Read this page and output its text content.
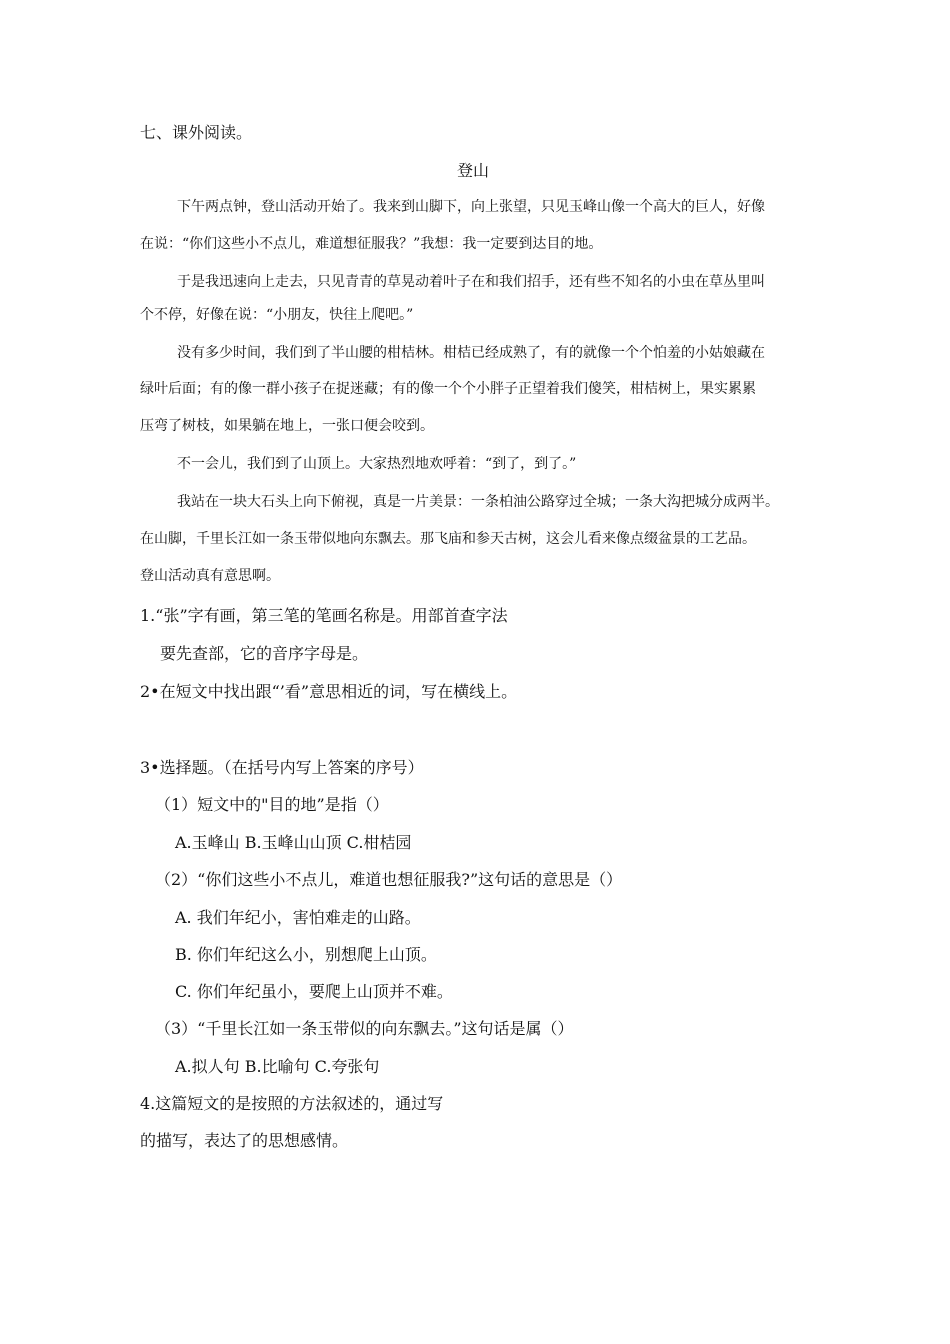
七、课外阅读。
登山
下午两点钟，登山活动开始了。我来到山脚下，向上张望，只见玉峰山像一个高大的巨人，好像
在说：“你们这些小不点儿，难道想征服我？”我想：我一定要到达目的地。
于是我迅速向上走去，只见青青的草晃动着叶子在和我们招手，还有些不知名的小虫在草丛里叫
个不停，好像在说：“小朋友，快往上爬吧。”
没有多少时间，我们到了半山腰的柑桔林。柑桔已经成熟了，有的就像一个个怕羞的小姑娘藏在
绿叶后面；有的像一群小孩子在捉迷藏；有的像一个个小胖子正望着我们傻笑，柑桔树上，果实累累
压弯了树枝，如果躺在地上，一张口便会咬到。
不一会儿，我们到了山顶上。大家热烈地欢呼着：“到了，到了。”
我站在一块大石头上向下俯视，真是一片美景：一条柏油公路穿过全城；一条大沟把城分成两半。
在山脚，千里长江如一条玉带似地向东飘去。那飞庙和参天古树，这会儿看来像点缀盆景的工艺品。
登山活动真有意思啊。
1.“张”字有画，第三笔的笔画名称是。用部首查字法
要先查部，它的音序字母是。
2•在短文中找出跟“’看”意思相近的词，写在横线上。
3•选择题。（在括号内写上答案的序号）
（1）短文中的"目的地”是指（）
A.玉峰山 B.玉峰山山顶 C.柑桔园
（2）“你们这些小不点儿，难道也想征服我?”这句话的意思是（）
A. 我们年纪小，害怕难走的山路。
B. 你们年纪这么小，别想爬上山顶。
C. 你们年纪虽小，要爬上山顶并不难。
（3）“千里长江如一条玉带似的向东飘去。”这句话是属（）
A.拟人句 B.比喻句 C.夸张句
4.这篇短文的是按照的方法叙述的，通过写
的描写，表达了的思想感情。
